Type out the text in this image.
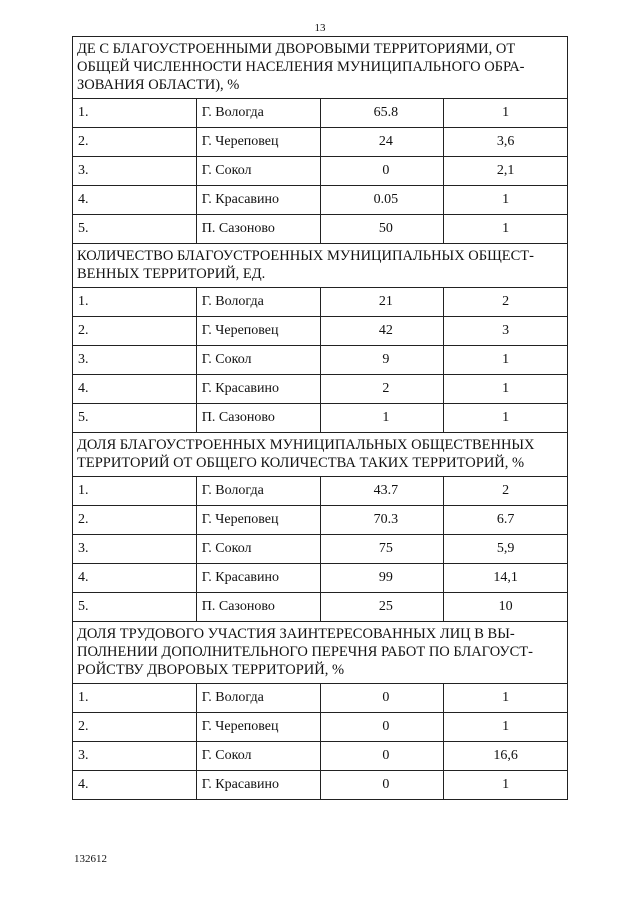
13
ДЕ С БЛАГОУСТРОЕННЫМИ ДВОРОВЫМИ ТЕРРИТОРИЯМИ, ОТ
ОБЩЕЙ ЧИСЛЕННОСТИ НАСЕЛЕНИЯ МУНИЦИПАЛЬНОГО ОБРА-
ЗОВАНИЯ ОБЛАСТИ), %			

1.	Г. Вологда	65.8	1
2.	Г. Череповец	24	3,6
3.	Г. Сокол	0	2,1
4.	Г. Красавино	0.05	1
5.	П. Сазоново	50	1

КОЛИЧЕСТВО БЛАГОУСТРОЕННЫХ МУНИЦИПАЛЬНЫХ ОБЩЕСТ-
ВЕННЫХ ТЕРРИТОРИЙ, ЕД.			

1.	Г. Вологда	21	2
2.	Г. Череповец	42	3
3.	Г. Сокол	9	1
4.	Г. Красавино	2	1
5.	П. Сазоново	1	1

ДОЛЯ БЛАГОУСТРОЕННЫХ МУНИЦИПАЛЬНЫХ ОБЩЕСТВЕННЫХ
ТЕРРИТОРИЙ ОТ ОБЩЕГО КОЛИЧЕСТВА ТАКИХ ТЕРРИТОРИЙ, %			

1.	Г. Вологда	43.7	2
2.	Г. Череповец	70.3	6.7
3.	Г. Сокол	75	5,9
4.	Г. Красавино	99	14,1
5.	П. Сазоново	25	10

ДОЛЯ ТРУДОВОГО УЧАСТИЯ ЗАИНТЕРЕСОВАННЫХ ЛИЦ В ВЫ-
ПОЛНЕНИИ ДОПОЛНИТЕЛЬНОГО ПЕРЕЧНЯ РАБОТ ПО БЛАГОУСТ-
РОЙСТВУ ДВОРОВЫХ ТЕРРИТОРИЙ, %			

1.	Г. Вологда	0	1
2.	Г. Череповец	0	1
3.	Г. Сокол	0	16,6
4.	Г. Красавино	0	1
132612
